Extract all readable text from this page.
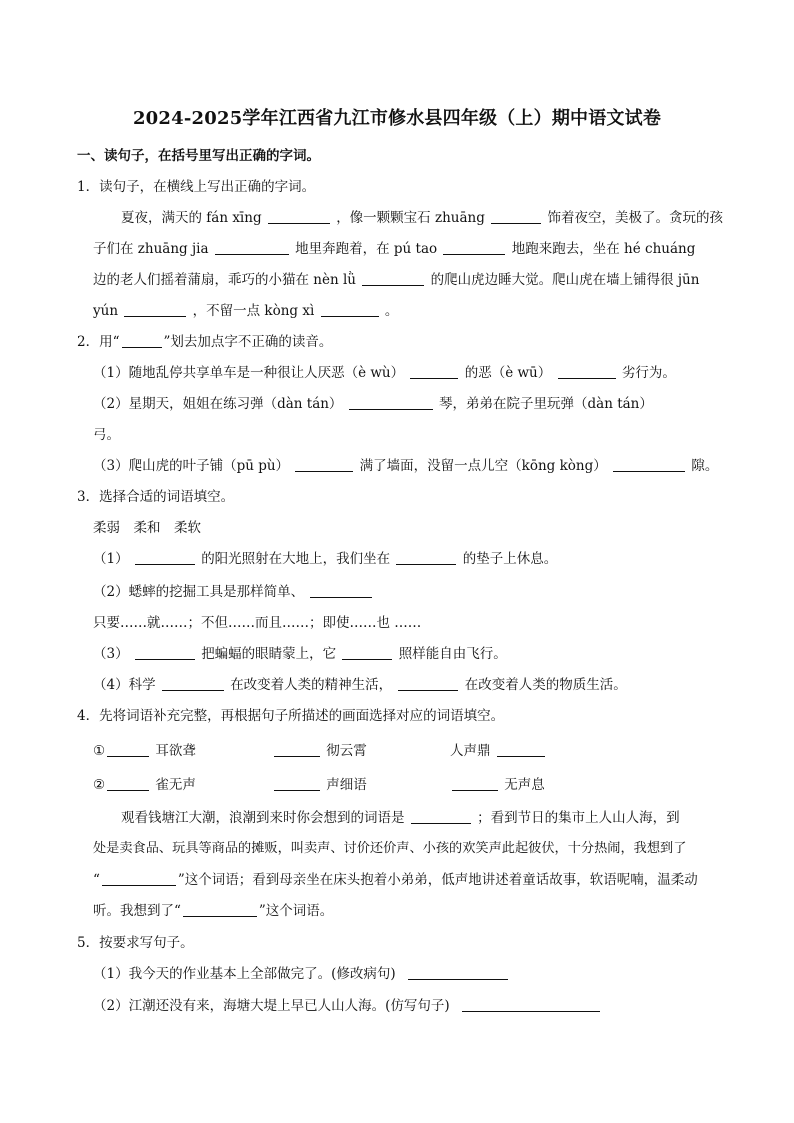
2024-2025学年江西省九江市修水县四年级（上）期中语文试卷
一、读句子，在括号里写出正确的字词。
1．读句子，在横线上写出正确的字词。
夏夜，满天的 fán xīng	，像一颗颗宝石 zhuāng	饰着夜空，美极了。贪玩的孩
子们在 zhuāng jia	地里奔跑着，在 pú tao	地跑来跑去，坐在 hé chuáng
边的老人们摇着蒲扇，乖巧的小猫在 nèn lǜ	的爬山虎边睡大觉。爬山虎在墙上铺得很 jūn
yún	，不留一点 kòng xì	。
2．用“	”划去加点字不正确的读音。
（1）随地乱停共享单车是一种很让人厌恶（è wù）	的恶（è wū）	劣行为。
（2）星期天，姐姐在练习弹（dàn tán）	琴，弟弟在院子里玩弹（dàn tán）
弓。
（3）爬山虎的叶子铺（pū pù）	满了墙面，没留一点儿空（kōng kòng）	隙。
3．选择合适的词语填空。
柔弱　柔和　柔软
（1）	的阳光照射在大地上，我们坐在	的垫子上休息。
（2）蟋蟀的挖掘工具是那样简单、
只要……就……；不但……而且……；即使……也 ……
（3）	把蝙蝠的眼睛蒙上，它	照样能自由飞行。
（4）科学	在改变着人类的精神生活，	在改变着人类的物质生活。
4．先将词语补充完整，再根据句子所描述的画面选择对应的词语填空。
①	耳欲聋	彻云霄	人声鼎
②	雀无声	声细语	无声息
观看钱塘江大潮，浪潮到来时你会想到的词语是	；看到节日的集市上人山人海，到
处是卖食品、玩具等商品的摊贩，叫卖声、讨价还价声、小孩的欢笑声此起彼伏，十分热闹，我想到了
“	”这个词语；看到母亲坐在床头抱着小弟弟，低声地讲述着童话故事，软语呢喃，温柔动
听。我想到了“	”这个词语。
5．按要求写句子。
（1）我今天的作业基本上全部做完了。(修改病句)
（2）江潮还没有来，海塘大堤上早已人山人海。(仿写句子)
